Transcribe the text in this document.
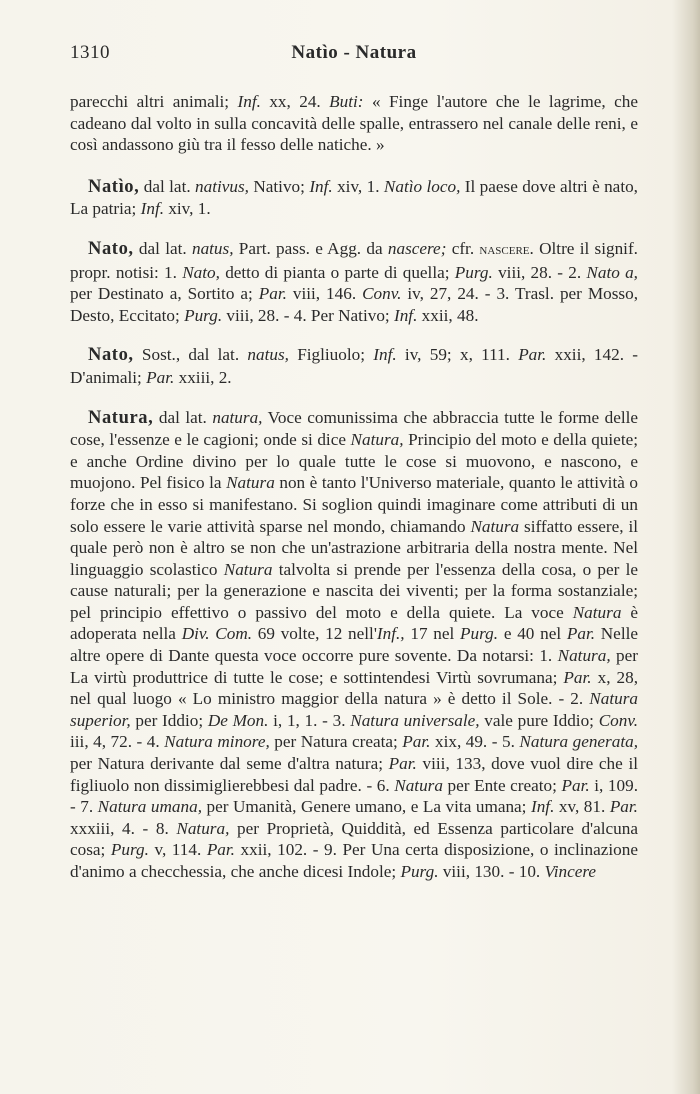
1310	Natìo - Natura

parecchi altri animali; Inf. xx, 24. Buti: « Finge l'autore che le lagrime, che cadeano dal volto in sulla concavità delle spalle, entrassero nel canale delle reni, e così andassono giù tra il fesso delle natiche. »

Natìo, dal lat. nativus, Nativo; Inf. xiv, 1. Natìo loco, Il paese dove altri è nato, La patria; Inf. xiv, 1.

Nato, dal lat. natus, Part. pass. e Agg. da nascere; cfr. nascere. Oltre il signif. propr. notisi: 1. Nato, detto di pianta o parte di quella; Purg. viii, 28. - 2. Nato a, per Destinato a, Sortito a; Par. viii, 146. Conv. iv, 27, 24. - 3. Trasl. per Mosso, Desto, Eccitato; Purg. viii, 28. - 4. Per Nativo; Inf. xxii, 48.

Nato, Sost., dal lat. natus, Figliuolo; Inf. iv, 59; x, 111. Par. xxii, 142. - D'animali; Par. xxiii, 2.

Natura, dal lat. natura, Voce comunissima che abbraccia tutte le forme delle cose, l'essenze e le cagioni; onde si dice Natura, Principio del moto e della quiete; e anche Ordine divino per lo quale tutte le cose si muovono, e nascono, e muojono. Pel fisico la Natura non è tanto l'Universo materiale, quanto le attività o forze che in esso si manifestano. Si soglion quindi imaginare come attributi di un solo essere le varie attività sparse nel mondo, chiamando Natura siffatto essere, il quale però non è altro se non che un'astrazione arbitraria della nostra mente. Nel linguaggio scolastico Natura talvolta si prende per l'essenza della cosa, o per le cause naturali; per la generazione e nascita dei viventi; per la forma sostanziale; pel principio effettivo o passivo del moto e della quiete. La voce Natura è adoperata nella Div. Com. 69 volte, 12 nell'Inf., 17 nel Purg. e 40 nel Par. Nelle altre opere di Dante questa voce occorre pure sovente. Da notarsi: 1. Natura, per La virtù produttrice di tutte le cose; e sottintendesi Virtù sovrumana; Par. x, 28, nel qual luogo « Lo ministro maggior della natura » è detto il Sole. - 2. Natura superior, per Iddio; De Mon. i, 1, 1. - 3. Natura universale, vale pure Iddio; Conv. iii, 4, 72. - 4. Natura minore, per Natura creata; Par. xix, 49. - 5. Natura generata, per Natura derivante dal seme d'altra natura; Par. viii, 133, dove vuol dire che il figliuolo non dissimiglierebbesi dal padre. - 6. Natura per Ente creato; Par. i, 109. - 7. Natura umana, per Umanità, Genere umano, e La vita umana; Inf. xv, 81. Par. xxxiii, 4. - 8. Natura, per Proprietà, Quiddità, ed Essenza particolare d'alcuna cosa; Purg. v, 114. Par. xxii, 102. - 9. Per Una certa disposizione, o inclinazione d'animo a checchessia, che anche dicesi Indole; Purg. viii, 130. - 10. Vincere
